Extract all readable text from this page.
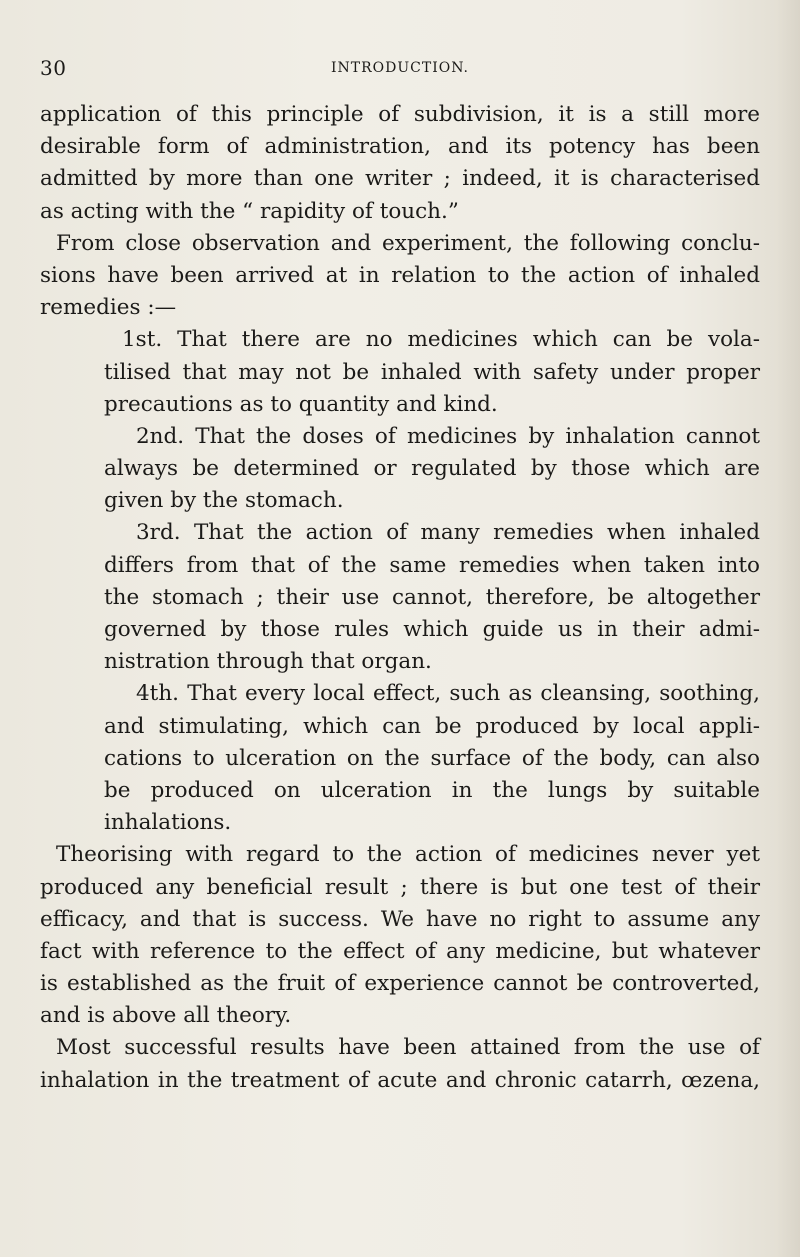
30	INTRODUCTION.
application of this principle of subdivision, it is a still more
desirable form of administration, and its potency has been
admitted by more than one writer ; indeed, it is characterised
as acting with the “ rapidity of touch.”
From close observation and experiment, the following conclu-
sions have been arrived at in relation to the action of inhaled
remedies :—
1st. That there are no medicines which can be vola-
tilised that may not be inhaled with safety under proper
precautions as to quantity and kind.
2nd. That the doses of medicines by inhalation cannot
always be determined or regulated by those which are
given by the stomach.
3rd. That the action of many remedies when inhaled
differs from that of the same remedies when taken into
the stomach ; their use cannot, therefore, be altogether
governed by those rules which guide us in their admi-
nistration through that organ.
4th. That every local effect, such as cleansing, soothing,
and stimulating, which can be produced by local appli-
cations to ulceration on the surface of the body, can also
be produced on ulceration in the lungs by suitable
inhalations.
Theorising with regard to the action of medicines never yet
produced any beneficial result ; there is but one test of their
efficacy, and that is success. We have no right to assume any
fact with reference to the effect of any medicine, but whatever
is established as the fruit of experience cannot be controverted,
and is above all theory.
Most successful results have been attained from the use of
inhalation in the treatment of acute and chronic catarrh, œzena,
